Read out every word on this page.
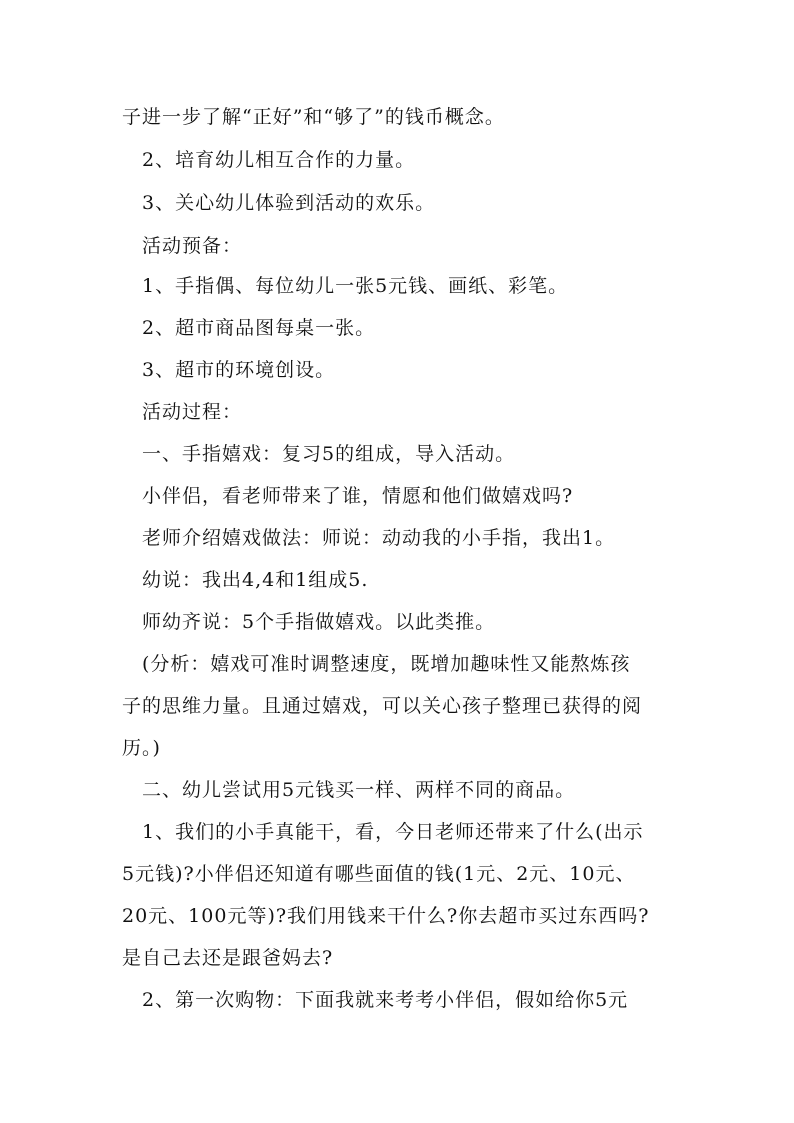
子进一步了解“正好”和“够了”的钱币概念。
2、培育幼儿相互合作的力量。
3、关心幼儿体验到活动的欢乐。
活动预备：
1、手指偶、每位幼儿一张5元钱、画纸、彩笔。
2、超市商品图每桌一张。
3、超市的环境创设。
活动过程：
一、手指嬉戏：复习5的组成，导入活动。
小伴侣，看老师带来了谁，情愿和他们做嬉戏吗?
老师介绍嬉戏做法：师说：动动我的小手指，我出1。
幼说：我出4,4和1组成5.
师幼齐说：5个手指做嬉戏。以此类推。
(分析：嬉戏可准时调整速度，既增加趣味性又能熬炼孩
子的思维力量。且通过嬉戏，可以关心孩子整理已获得的阅
历。)
二、幼儿尝试用5元钱买一样、两样不同的商品。
1、我们的小手真能干，看，今日老师还带来了什么(出示
5元钱)?小伴侣还知道有哪些面值的钱(1元、2元、10元、
20元、100元等)?我们用钱来干什么?你去超市买过东西吗?
是自己去还是跟爸妈去?
2、第一次购物：下面我就来考考小伴侣，假如给你5元
